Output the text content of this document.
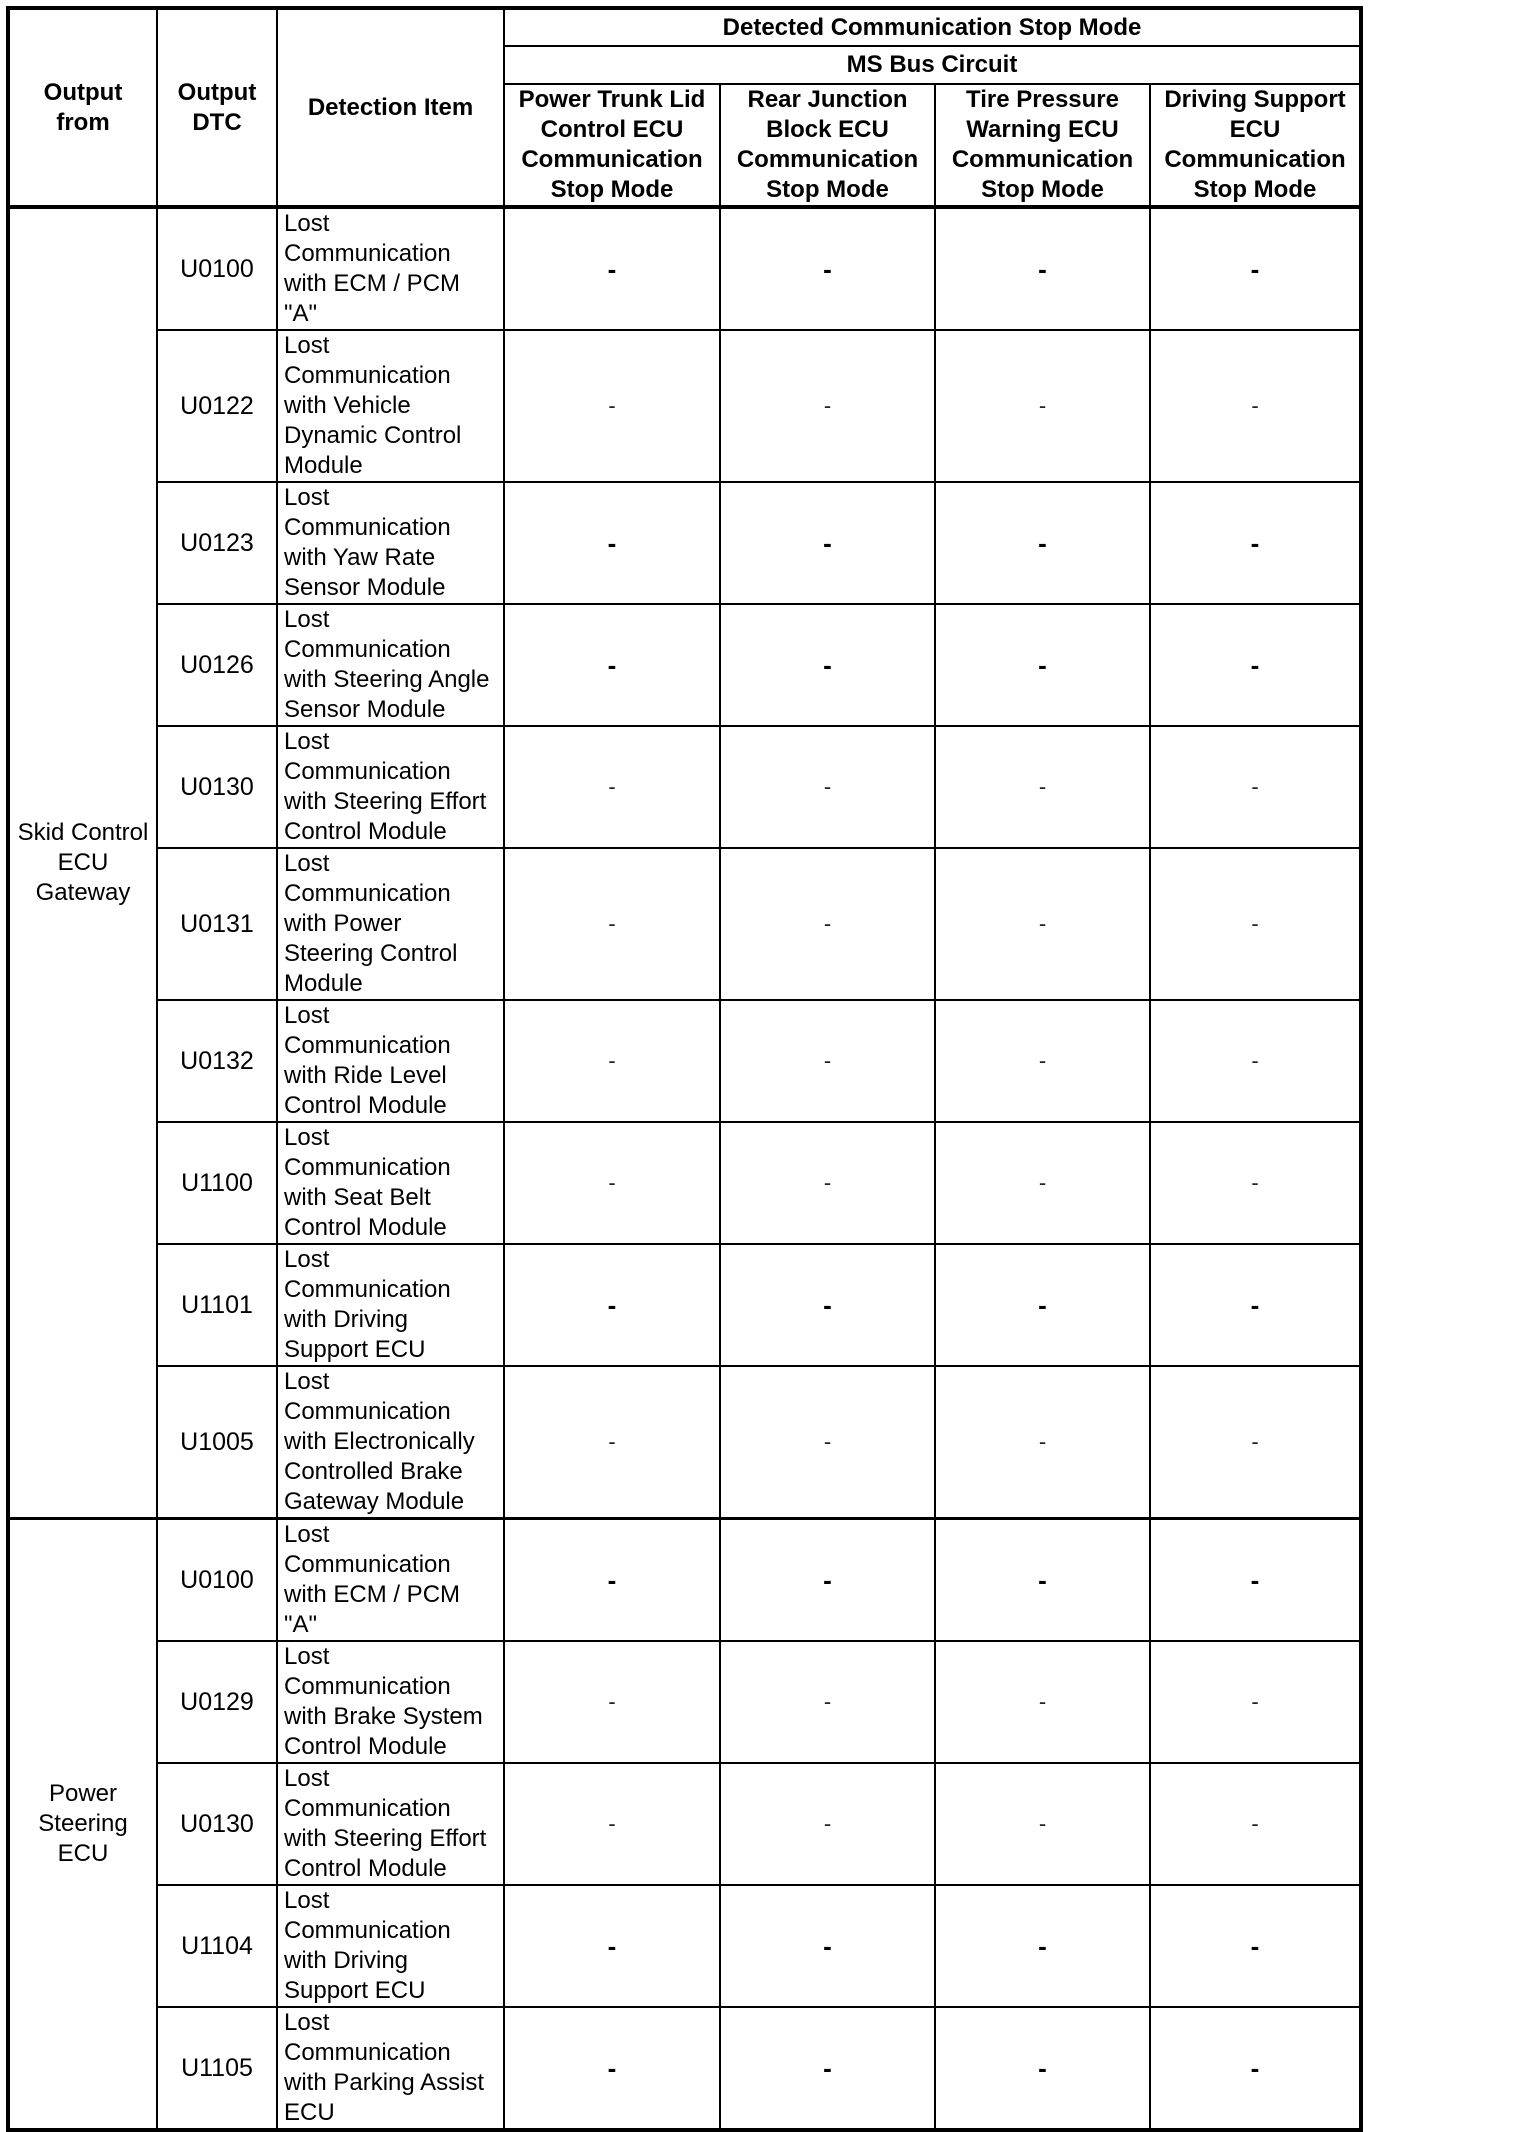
Output from	Output DTC	Detection Item	Detected Communication Stop Mode			
			MS Bus Circuit			
			Power Trunk Lid Control ECU Communication Stop Mode	Rear Junction Block ECU Communication Stop Mode	Tire Pressure Warning ECU Communication Stop Mode	Driving Support ECU Communication Stop Mode
Skid Control ECU Gateway	U0100	Lost Communication with ECM / PCM "A"	-	-	-	-
	U0122	Lost Communication with Vehicle Dynamic Control Module	-	-	-	-
	U0123	Lost Communication with Yaw Rate Sensor Module	-	-	-	-
	U0126	Lost Communication with Steering Angle Sensor Module	-	-	-	-
	U0130	Lost Communication with Steering Effort Control Module	-	-	-	-
	U0131	Lost Communication with Power Steering Control Module	-	-	-	-
	U0132	Lost Communication with Ride Level Control Module	-	-	-	-
	U1100	Lost Communication with Seat Belt Control Module	-	-	-	-
	U1101	Lost Communication with Driving Support ECU	-	-	-	-
	U1005	Lost Communication with Electronically Controlled Brake Gateway Module	-	-	-	-
Power Steering ECU	U0100	Lost Communication with ECM / PCM "A"	-	-	-	-
	U0129	Lost Communication with Brake System Control Module	-	-	-	-
	U0130	Lost Communication with Steering Effort Control Module	-	-	-	-
	U1104	Lost Communication with Driving Support ECU	-	-	-	-
	U1105	Lost Communication with Parking Assist ECU	-	-	-	-
